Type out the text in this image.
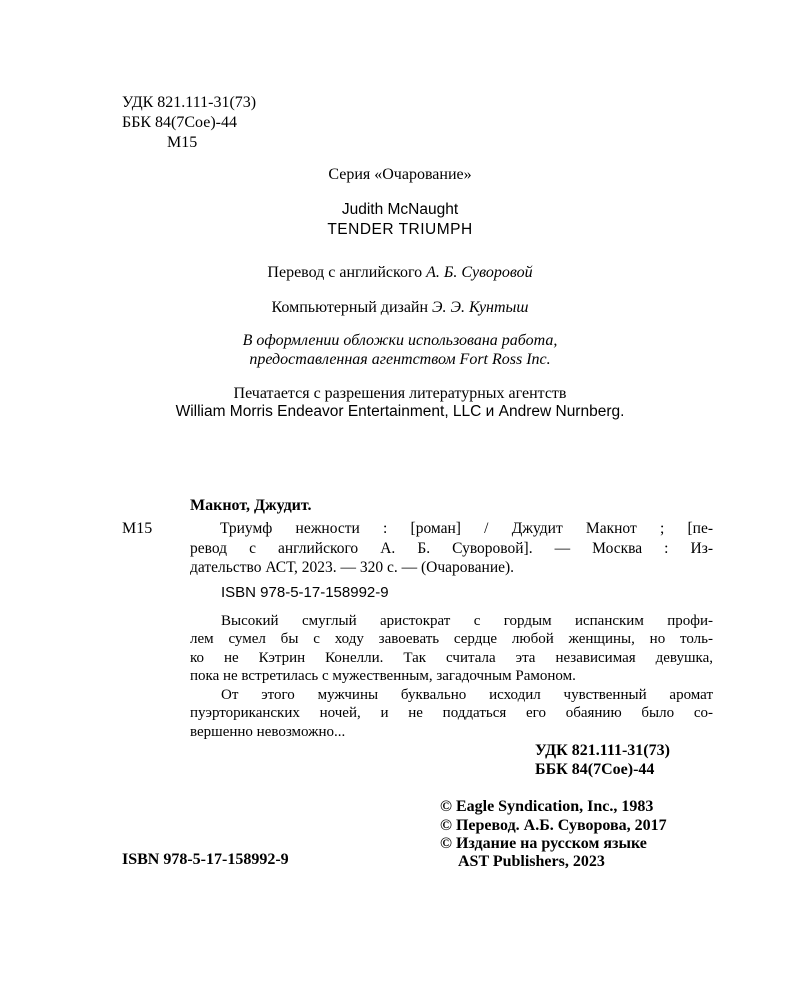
УДК 821.111-31(73)
ББК 84(7Сое)-44
М15
Серия «Очарование»
Judith McNaught
TENDER TRIUMPH
Перевод с английского А. Б. Суворовой
Компьютерный дизайн Э. Э. Кунтыш
В оформлении обложки использована работа,
предоставленная агентством Fort Ross Inc.
Печатается с разрешения литературных агентств
William Morris Endeavor Entertainment, LLC и Andrew Nurnberg.
Макнот, Джудит.
М15	Триумф нежности : [роман] / Джудит Макнот ; [пе-
ревод с английского А. Б. Суворовой]. — Москва : Из-
дательство АСТ, 2023. — 320 с. — (Очарование).
ISBN 978-5-17-158992-9
Высокий смуглый аристократ с гордым испанским профи-
лем сумел бы с ходу завоевать сердце любой женщины, но толь-
ко не Кэтрин Конелли. Так считала эта независимая девушка,
пока не встретилась с мужественным, загадочным Рамоном.
От этого мужчины буквально исходил чувственный аромат
пуэрториканских ночей, и не поддаться его обаянию было со-
вершенно невозможно...
УДК 821.111-31(73)
ББК 84(7Сое)-44
© Eagle Syndication, Inc., 1983
© Перевод. А.Б. Суворова, 2017
© Издание на русском языке
AST Publishers, 2023
ISBN 978-5-17-158992-9
